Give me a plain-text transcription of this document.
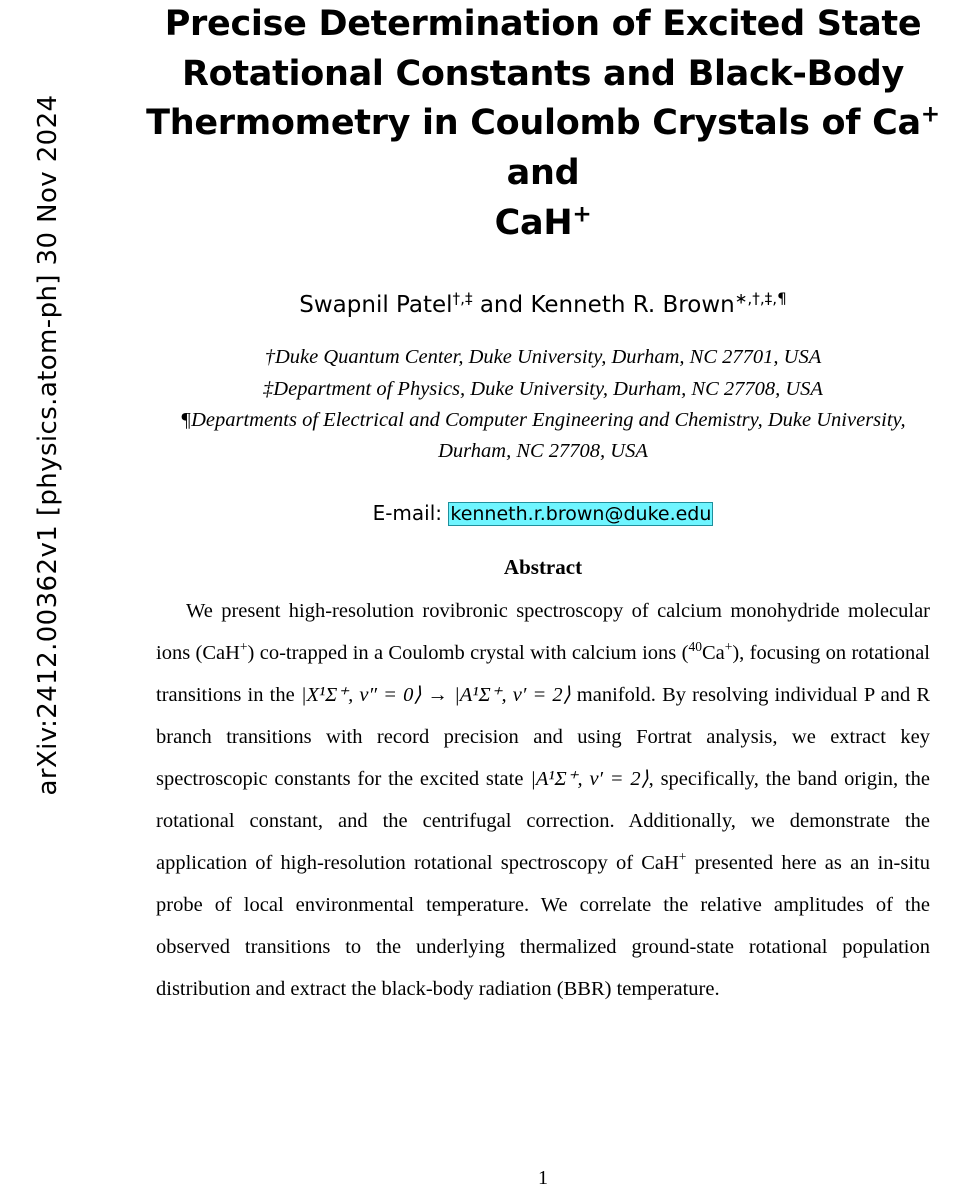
arXiv:2412.00362v1 [physics.atom-ph] 30 Nov 2024
Precise Determination of Excited State
Rotational Constants and Black-Body
Thermometry in Coulomb Crystals of Ca+ and
CaH+
Swapnil Patel†,‡ and Kenneth R. Brown∗,†,‡,¶
†Duke Quantum Center, Duke University, Durham, NC 27701, USA
‡Department of Physics, Duke University, Durham, NC 27708, USA
¶Departments of Electrical and Computer Engineering and Chemistry, Duke University,
Durham, NC 27708, USA
E-mail: kenneth.r.brown@duke.edu
Abstract
We present high-resolution rovibronic spectroscopy of calcium monohydride molecular ions (CaH+) co-trapped in a Coulomb crystal with calcium ions ($^{40}$Ca+), focusing on rotational transitions in the |X¹Σ⁺, ν″ = 0⟩ → |A¹Σ⁺, ν′ = 2⟩ manifold. By resolving individual P and R branch transitions with record precision and using Fortrat analysis, we extract key spectroscopic constants for the excited state |A¹Σ⁺, ν′ = 2⟩, specifically, the band origin, the rotational constant, and the centrifugal correction. Additionally, we demonstrate the application of high-resolution rotational spectroscopy of CaH+ presented here as an in-situ probe of local environmental temperature. We correlate the relative amplitudes of the observed transitions to the underlying thermalized ground-state rotational population distribution and extract the black-body radiation (BBR) temperature.
1
